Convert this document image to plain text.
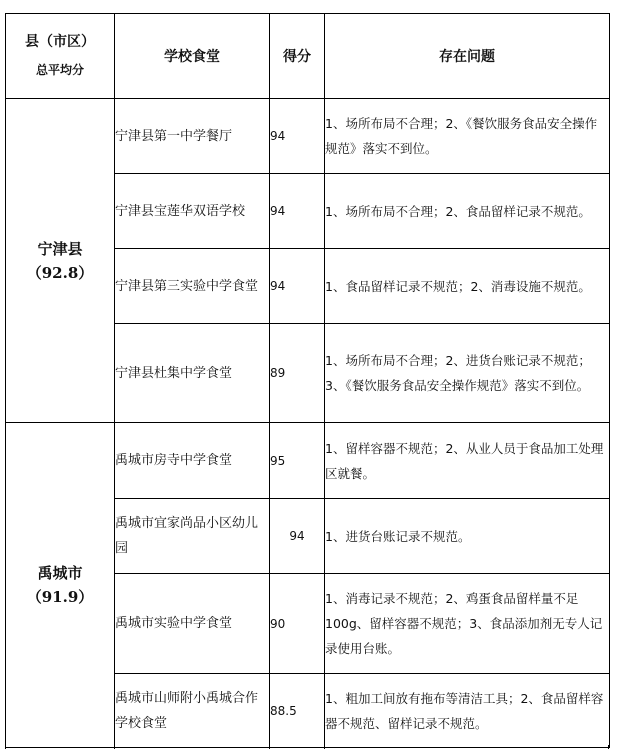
县（市区）
总平均分	学校食堂	得分	存在问题

宁津县
（92.8）	宁津县第一中学餐厅	94	1、场所布局不合理；2、《餐饮服务食品安全操作规范》落实不到位。
	宁津县宝莲华双语学校	94	1、场所布局不合理；2、食品留样记录不规范。
	宁津县第三实验中学食堂	94	1、食品留样记录不规范；2、消毒设施不规范。
	宁津县杜集中学食堂	89	1、场所布局不合理；2、进货台账记录不规范；3、《餐饮服务食品安全操作规范》落实不到位。

禹城市
（91.9）	禹城市房寺中学食堂	95	1、留样容器不规范；2、从业人员于食品加工处理区就餐。
	禹城市宜家尚品小区幼儿园	94	1、进货台账记录不规范。
	禹城市实验中学食堂	90	1、消毒记录不规范；2、鸡蛋食品留样量不足100g、留样容器不规范；3、食品添加剂无专人记录使用台账。
	禹城市山师附小禹城合作学校食堂	88.5	1、粗加工间放有拖布等清洁工具；2、食品留样容器不规范、留样记录不规范。
